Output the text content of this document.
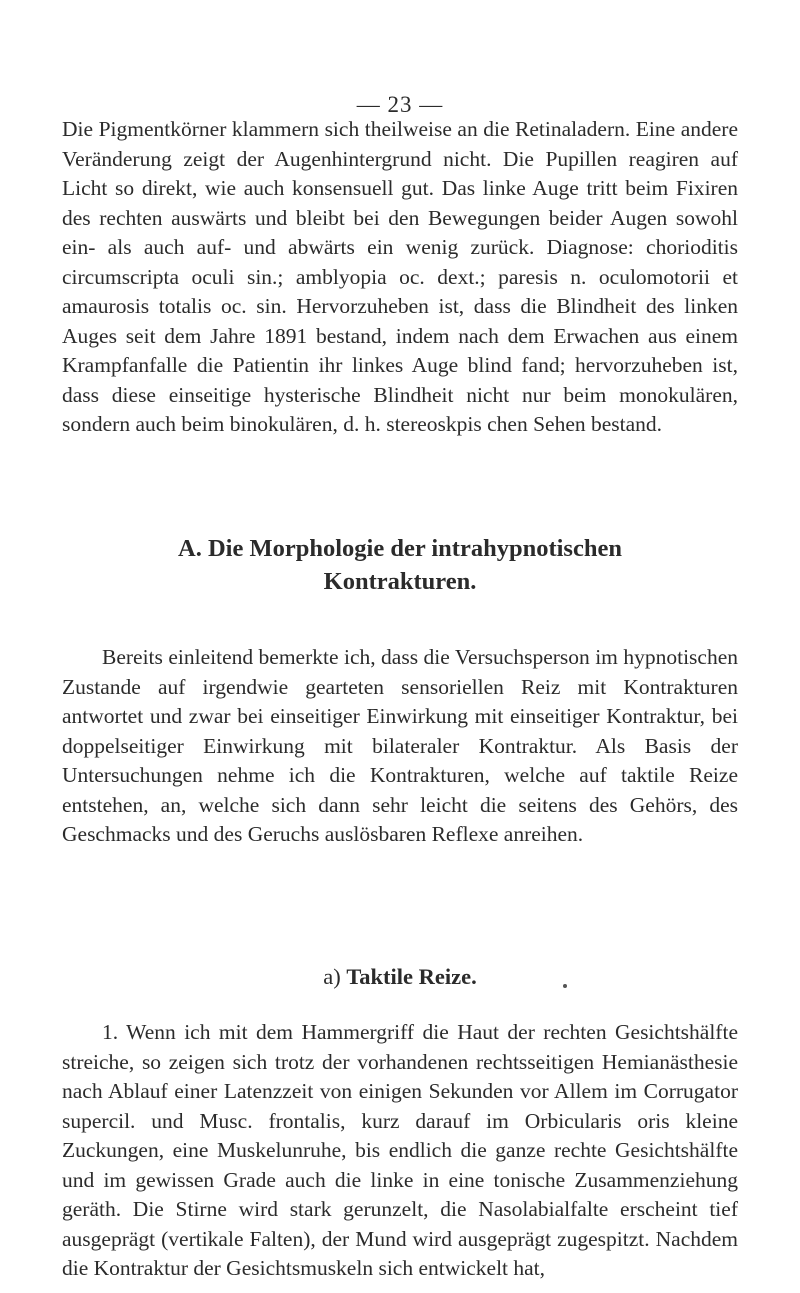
— 23 —
Die Pigmentkörner klammern sich theilweise an die Retinaladern. Eine andere Veränderung zeigt der Augenhintergrund nicht. Die Pupillen reagiren auf Licht so direkt, wie auch konsensuell gut. Das linke Auge tritt beim Fixiren des rechten auswärts und bleibt bei den Bewegungen beider Augen sowohl ein- als auch auf- und abwärts ein wenig zurück. Diagnose: chorioditis circumscripta oculi sin.; amblyopia oc. dext.; paresis n. oculomotorii et amaurosis totalis oc. sin. Hervorzuheben ist, dass die Blindheit des linken Auges seit dem Jahre 1891 bestand, indem nach dem Erwachen aus einem Krampfanfalle die Patientin ihr linkes Auge blind fand; hervorzuheben ist, dass diese einseitige hysterische Blindheit nicht nur beim monokulären, sondern auch beim binokulären, d. h. stereoskpis chen Sehen bestand.
A. Die Morphologie der intrahypnotischen
Kontrakturen.
Bereits einleitend bemerkte ich, dass die Versuchsperson im hypnotischen Zustande auf irgendwie gearteten sensoriellen Reiz mit Kontrakturen antwortet und zwar bei einseitiger Einwirkung mit einseitiger Kontraktur, bei doppelseitiger Einwirkung mit bilateraler Kontraktur. Als Basis der Untersuchungen nehme ich die Kontrakturen, welche auf taktile Reize entstehen, an, welche sich dann sehr leicht die seitens des Gehörs, des Geschmacks und des Geruchs auslösbaren Reflexe anreihen.
a) Taktile Reize.
1. Wenn ich mit dem Hammergriff die Haut der rechten Gesichtshälfte streiche, so zeigen sich trotz der vorhandenen rechtsseitigen Hemianästhesie nach Ablauf einer Latenzzeit von einigen Sekunden vor Allem im Corrugator supercil. und Musc. frontalis, kurz darauf im Orbicularis oris kleine Zuckungen, eine Muskelunruhe, bis endlich die ganze rechte Gesichtshälfte und im gewissen Grade auch die linke in eine tonische Zusammenziehung geräth. Die Stirne wird stark gerunzelt, die Nasolabialfalte erscheint tief ausgeprägt (vertikale Falten), der Mund wird ausgeprägt zugespitzt. Nachdem die Kontraktur der Gesichtsmuskeln sich entwickelt hat,
